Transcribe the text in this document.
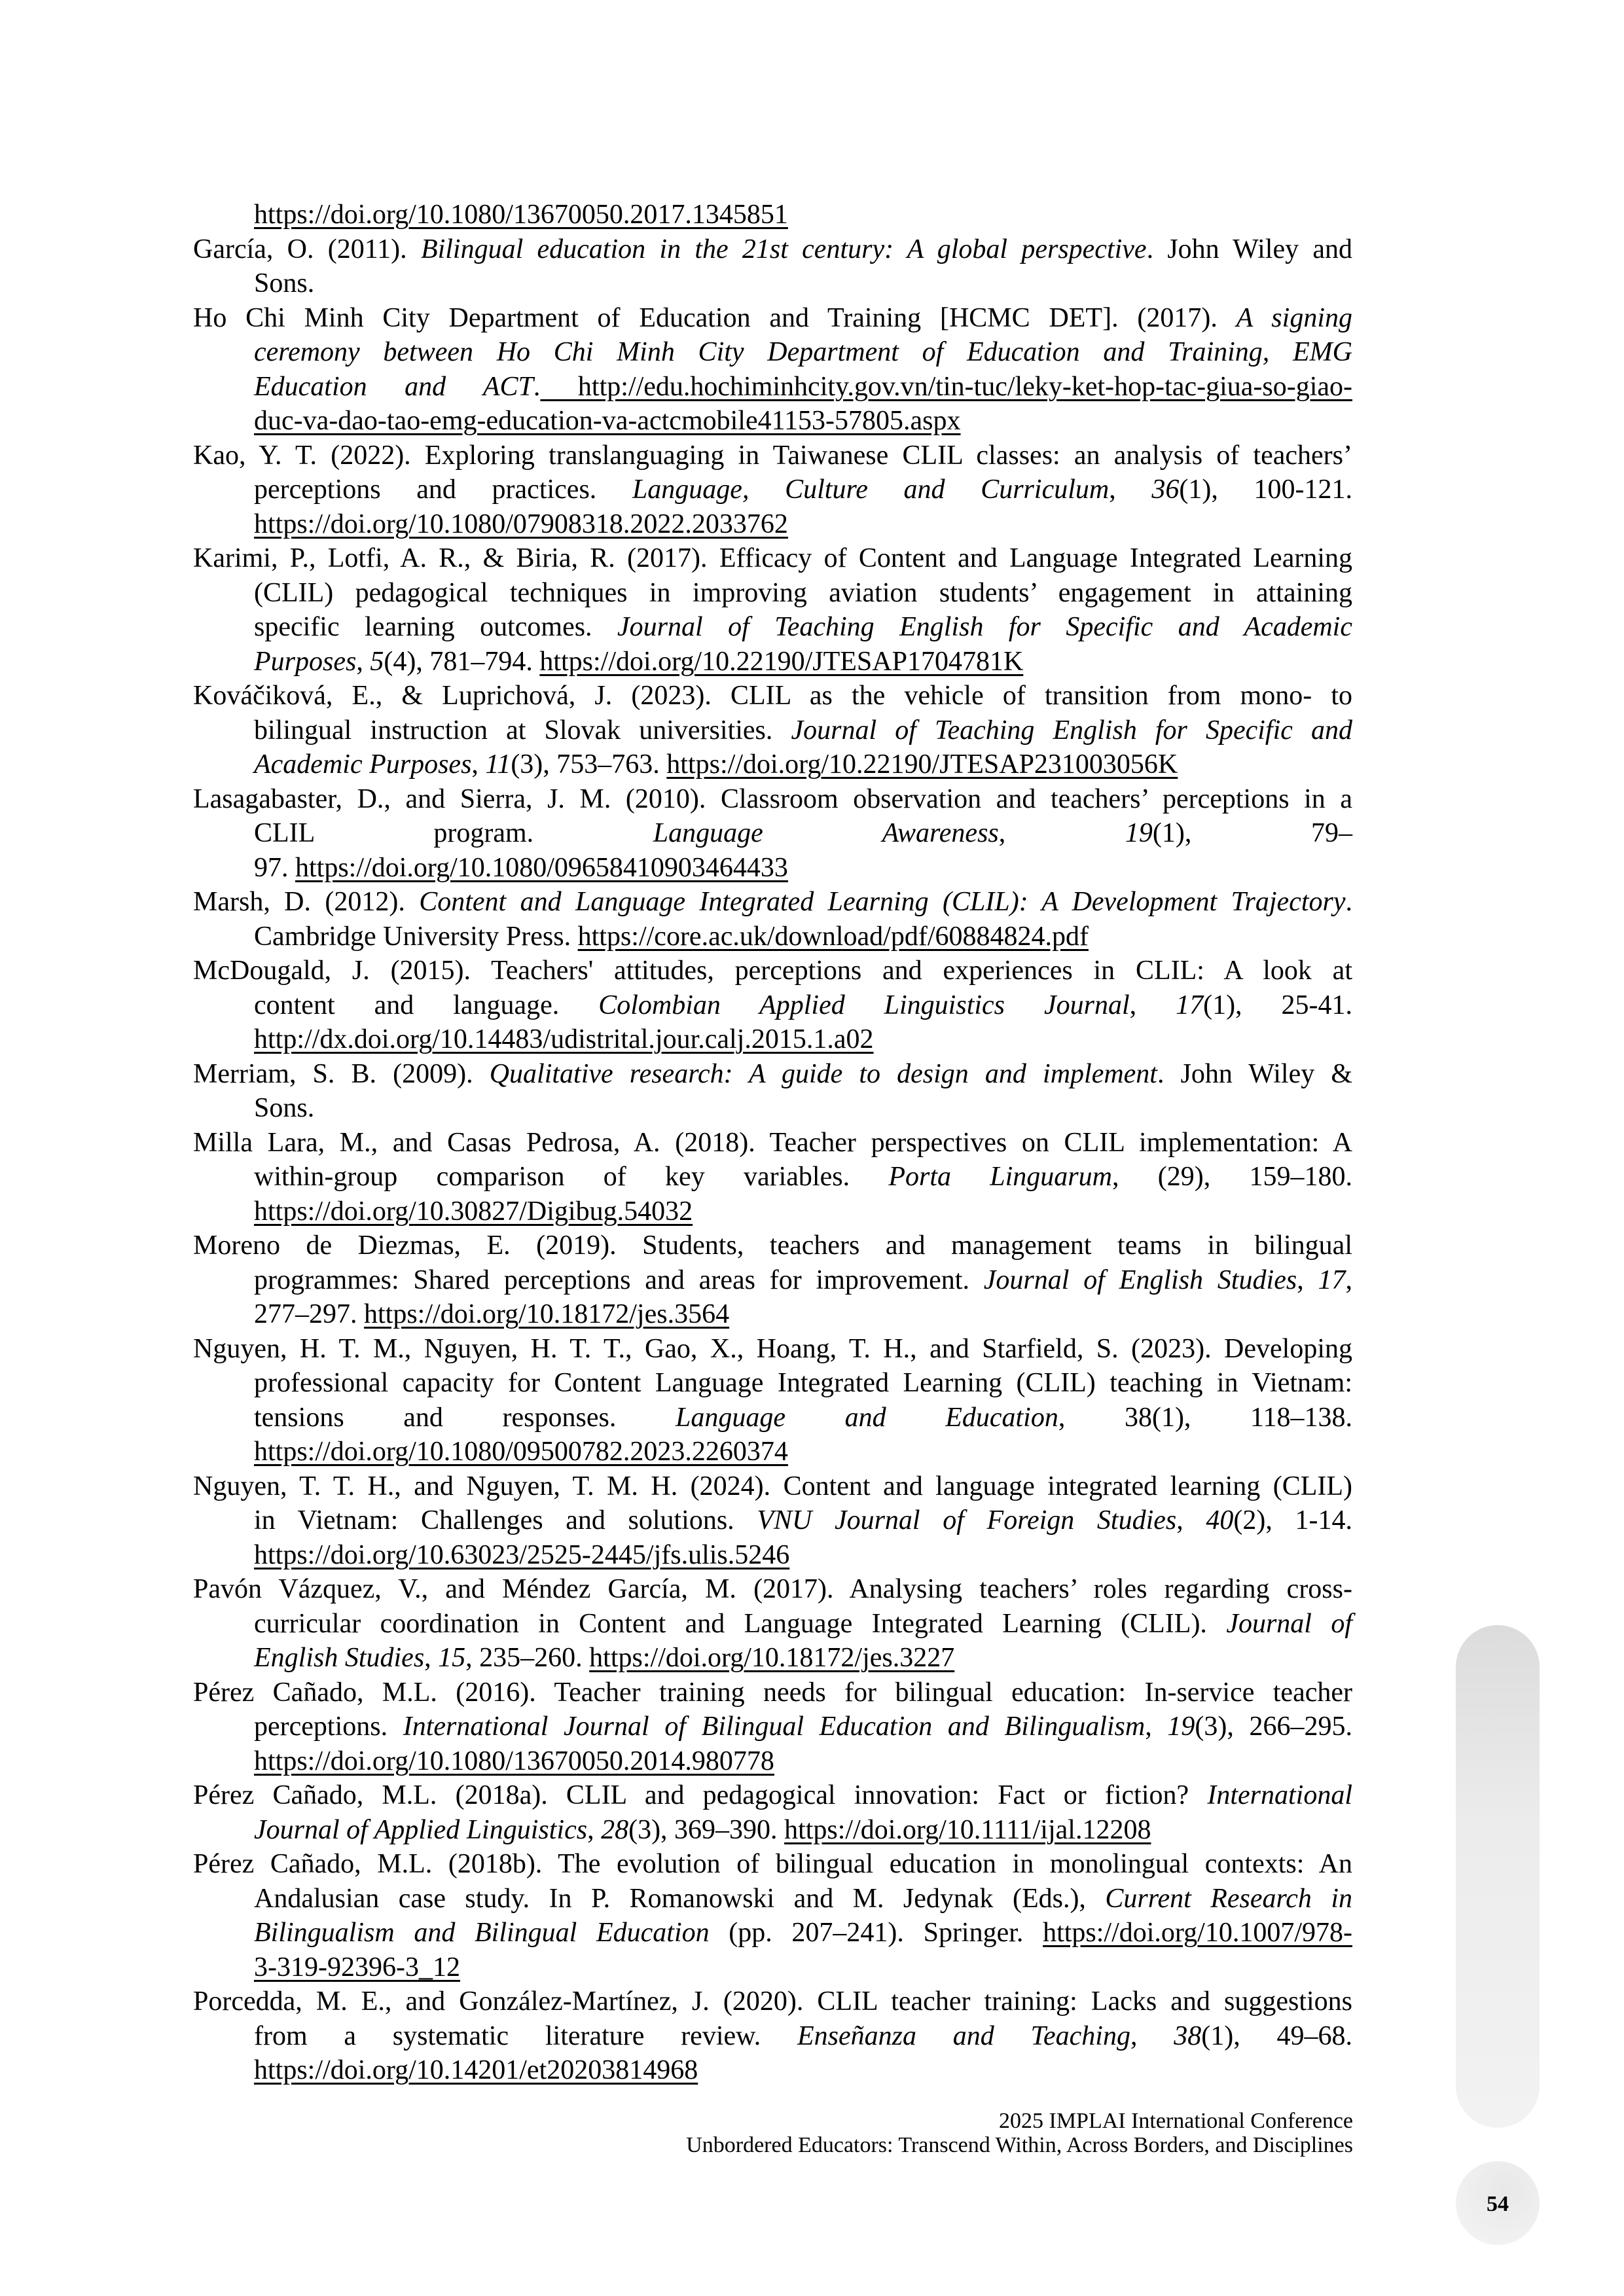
https://doi.org/10.1080/13670050.2017.1345851
García, O. (2011). Bilingual education in the 21st century: A global perspective. John Wiley and
Sons.
Ho Chi Minh City Department of Education and Training [HCMC DET]. (2017). A signing
ceremony between Ho Chi Minh City Department of Education and Training, EMG
Education and ACT. http://edu.hochiminhcity.gov.vn/tin-tuc/leky-ket-hop-tac-giua-so-giao-
duc-va-dao-tao-emg-education-va-actcmobile41153-57805.aspx
Kao, Y. T. (2022). Exploring translanguaging in Taiwanese CLIL classes: an analysis of teachers’
perceptions and practices. Language, Culture and Curriculum, 36(1), 100-121.
https://doi.org/10.1080/07908318.2022.2033762
Karimi, P., Lotfi, A. R., & Biria, R. (2017). Efficacy of Content and Language Integrated Learning
(CLIL) pedagogical techniques in improving aviation students’ engagement in attaining
specific learning outcomes. Journal of Teaching English for Specific and Academic
Purposes, 5(4), 781–794. https://doi.org/10.22190/JTESAP1704781K
Kováčiková, E., & Luprichová, J. (2023). CLIL as the vehicle of transition from mono- to
bilingual instruction at Slovak universities. Journal of Teaching English for Specific and
Academic Purposes, 11(3), 753–763. https://doi.org/10.22190/JTESAP231003056K
Lasagabaster, D., and Sierra, J. M. (2010). Classroom observation and teachers’ perceptions in a
CLIL program. Language Awareness, 19(1), 79–
97. https://doi.org/10.1080/09658410903464433
Marsh, D. (2012). Content and Language Integrated Learning (CLIL): A Development Trajectory.
Cambridge University Press. https://core.ac.uk/download/pdf/60884824.pdf
McDougald, J. (2015). Teachers' attitudes, perceptions and experiences in CLIL: A look at
content and language. Colombian Applied Linguistics Journal, 17(1), 25-41.
http://dx.doi.org/10.14483/udistrital.jour.calj.2015.1.a02
Merriam, S. B. (2009). Qualitative research: A guide to design and implement. John Wiley &
Sons.
Milla Lara, M., and Casas Pedrosa, A. (2018). Teacher perspectives on CLIL implementation: A
within-group comparison of key variables. Porta Linguarum, (29), 159–180.
https://doi.org/10.30827/Digibug.54032
Moreno de Diezmas, E. (2019). Students, teachers and management teams in bilingual
programmes: Shared perceptions and areas for improvement. Journal of English Studies, 17,
277–297. https://doi.org/10.18172/jes.3564
Nguyen, H. T. M., Nguyen, H. T. T., Gao, X., Hoang, T. H., and Starfield, S. (2023). Developing
professional capacity for Content Language Integrated Learning (CLIL) teaching in Vietnam:
tensions and responses. Language and Education, 38(1), 118–138.
https://doi.org/10.1080/09500782.2023.2260374
Nguyen, T. T. H., and Nguyen, T. M. H. (2024). Content and language integrated learning (CLIL)
in Vietnam: Challenges and solutions. VNU Journal of Foreign Studies, 40(2), 1-14.
https://doi.org/10.63023/2525-2445/jfs.ulis.5246
Pavón Vázquez, V., and Méndez García, M. (2017). Analysing teachers’ roles regarding cross-
curricular coordination in Content and Language Integrated Learning (CLIL). Journal of
English Studies, 15, 235–260. https://doi.org/10.18172/jes.3227
Pérez Cañado, M.L. (2016). Teacher training needs for bilingual education: In-service teacher
perceptions. International Journal of Bilingual Education and Bilingualism, 19(3), 266–295.
https://doi.org/10.1080/13670050.2014.980778
Pérez Cañado, M.L. (2018a). CLIL and pedagogical innovation: Fact or fiction? International
Journal of Applied Linguistics, 28(3), 369–390. https://doi.org/10.1111/ijal.12208
Pérez Cañado, M.L. (2018b). The evolution of bilingual education in monolingual contexts: An
Andalusian case study. In P. Romanowski and M. Jedynak (Eds.), Current Research in
Bilingualism and Bilingual Education (pp. 207–241). Springer. https://doi.org/10.1007/978-
3-319-92396-3_12
Porcedda, M. E., and González-Martínez, J. (2020). CLIL teacher training: Lacks and suggestions
from a systematic literature review. Enseñanza and Teaching, 38(1), 49–68.
https://doi.org/10.14201/et20203814968
2025 IMPLAI International Conference
Unbordered Educators: Transcend Within, Across Borders, and Disciplines
54
